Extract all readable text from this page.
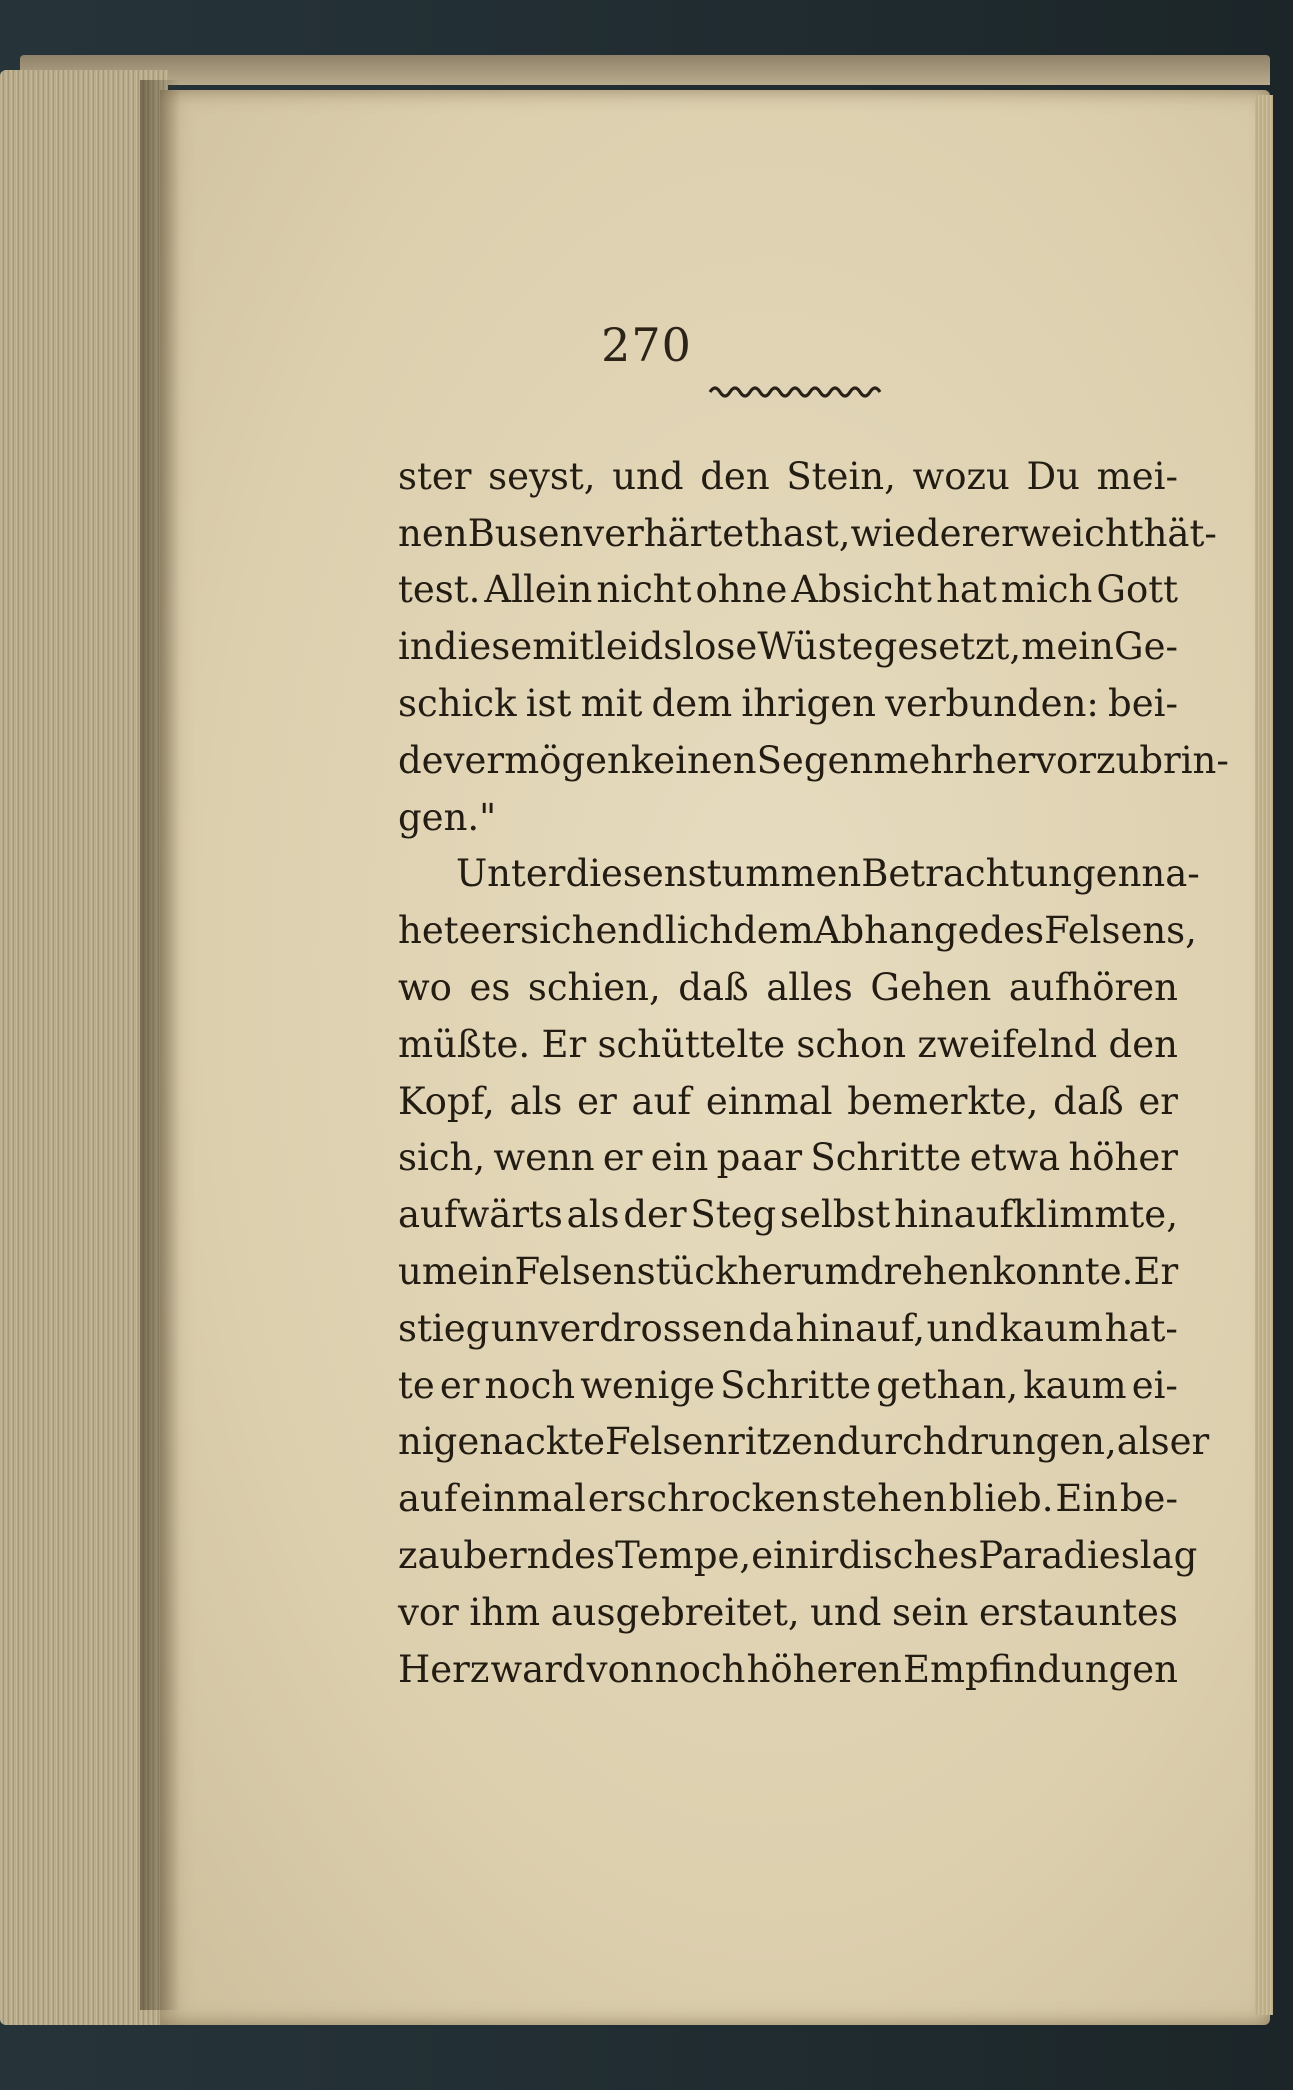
270
ster seyst, und den Stein, wozu Du mei-
nen Busen verhärtet hast, wieder erweicht hät-
test. Allein nicht ohne Absicht hat mich Gott
in diese mitleidslose Wüste gesetzt, mein Ge-
schick ist mit dem ihrigen verbunden: bei-
de vermögen keinen Segen mehr hervorzubrin-
gen."
Unter diesen stummen Betrachtungen na-
hete er sich endlich dem Abhange des Felsens,
wo es schien, daß alles Gehen aufhören
müßte. Er schüttelte schon zweifelnd den
Kopf, als er auf einmal bemerkte, daß er
sich, wenn er ein paar Schritte etwa höher
aufwärts als der Steg selbst hinaufklimmte,
um ein Felsenstück herum drehen konnte. Er
stieg unverdrossen da hinauf, und kaum hat-
te er noch wenige Schritte gethan, kaum ei-
nige nackte Felsenritzen durchdrungen, als er
auf einmal erschrocken stehen blieb. Ein be-
zauberndes Tempe, ein irdisches Paradies lag
vor ihm ausgebreitet, und sein erstauntes
Herz ward von noch höheren Empfindungen
